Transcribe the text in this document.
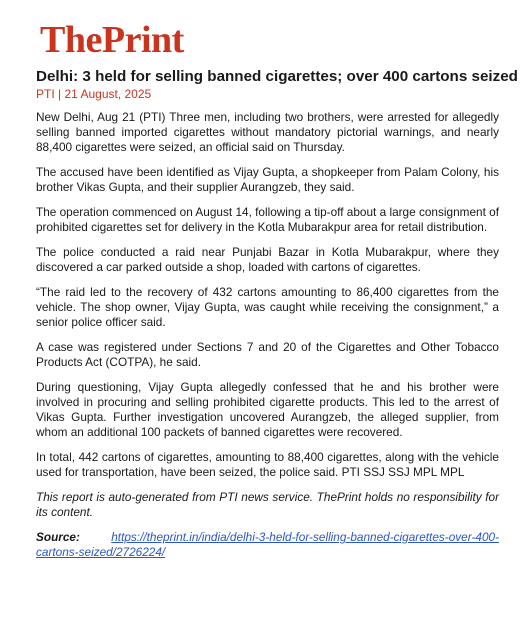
ThePrint
Delhi: 3 held for selling banned cigarettes; over 400 cartons seized
PTI | 21 August, 2025

New Delhi, Aug 21 (PTI) Three men, including two brothers, were arrested for allegedly selling banned imported cigarettes without mandatory pictorial warnings, and nearly 88,400 cigarettes were seized, an official said on Thursday.

The accused have been identified as Vijay Gupta, a shopkeeper from Palam Colony, his brother Vikas Gupta, and their supplier Aurangzeb, they said.

The operation commenced on August 14, following a tip-off about a large consignment of prohibited cigarettes set for delivery in the Kotla Mubarakpur area for retail distribution.

The police conducted a raid near Punjabi Bazar in Kotla Mubarakpur, where they discovered a car parked outside a shop, loaded with cartons of cigarettes.

“The raid led to the recovery of 432 cartons amounting to 86,400 cigarettes from the vehicle. The shop owner, Vijay Gupta, was caught while receiving the consignment,” a senior police officer said.

A case was registered under Sections 7 and 20 of the Cigarettes and Other Tobacco Products Act (COTPA), he said.

During questioning, Vijay Gupta allegedly confessed that he and his brother were involved in procuring and selling prohibited cigarette products. This led to the arrest of Vikas Gupta. Further investigation uncovered Aurangzeb, the alleged supplier, from whom an additional 100 packets of banned cigarettes were recovered.

In total, 442 cartons of cigarettes, amounting to 88,400 cigarettes, along with the vehicle used for transportation, have been seized, the police said. PTI SSJ SSJ MPL MPL

This report is auto-generated from PTI news service. ThePrint holds no responsibility for its content.

Source:	https://theprint.in/india/delhi-3-held-for-selling-banned-cigarettes-over-400-cartons-seized/2726224/
